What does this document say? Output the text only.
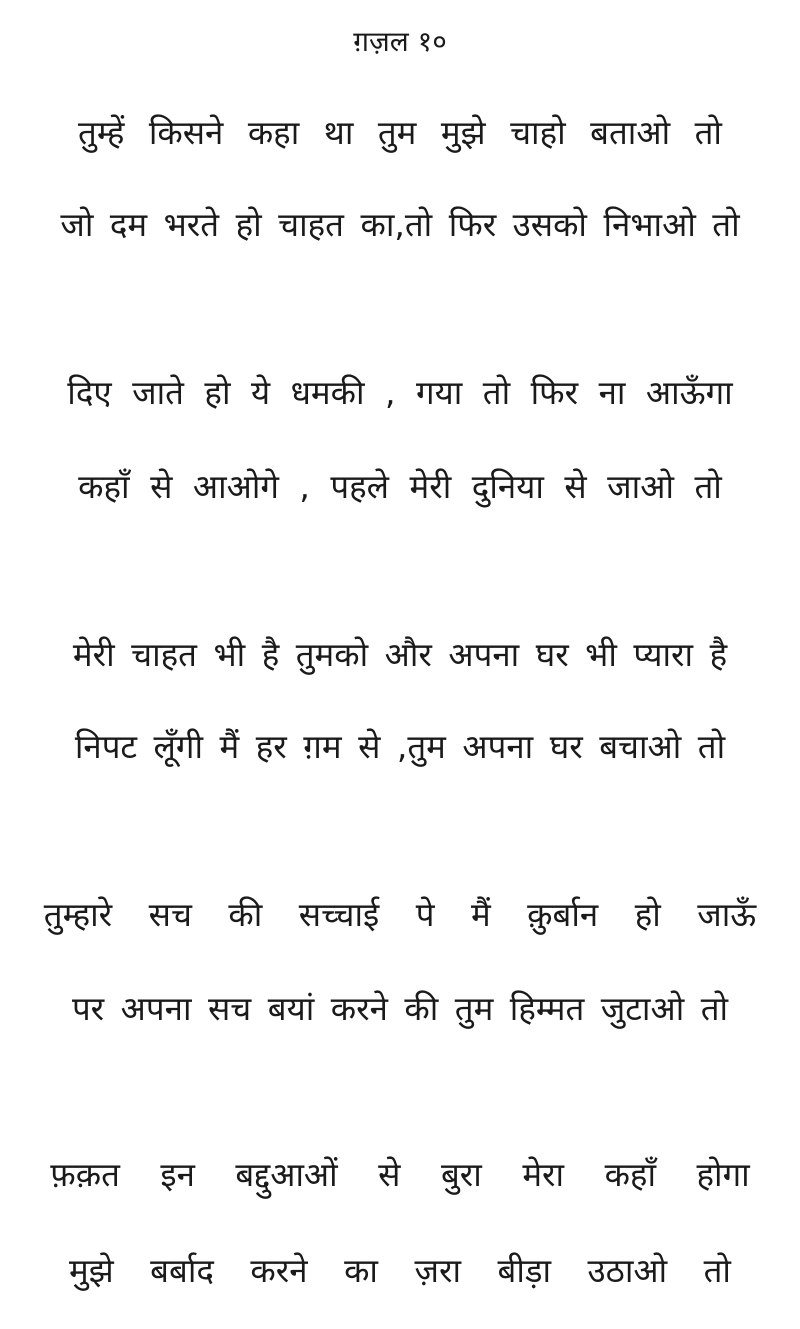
ग़ज़ल १०
तुम्हें किसने कहा था तुम मुझे चाहो बताओ तो
जो दम भरते हो चाहत का,तो फिर उसको निभाओ तो
दिए जाते हो ये धमकी , गया तो फिर ना आऊँगा
कहाँ से आओगे , पहले मेरी दुनिया से जाओ तो
मेरी चाहत भी है तुमको और अपना घर भी प्यारा है
निपट लूँगी मैं हर ग़म से ,तुम अपना घर बचाओ तो
तुम्हारे सच की सच्चाई पे मैं क़ुर्बान हो जाऊँ
पर अपना सच बयां करने की तुम हिम्मत जुटाओ तो
फ़क़त इन बद्दुआओं से बुरा मेरा कहाँ होगा
मुझे बर्बाद करने का ज़रा बीड़ा उठाओ तो
